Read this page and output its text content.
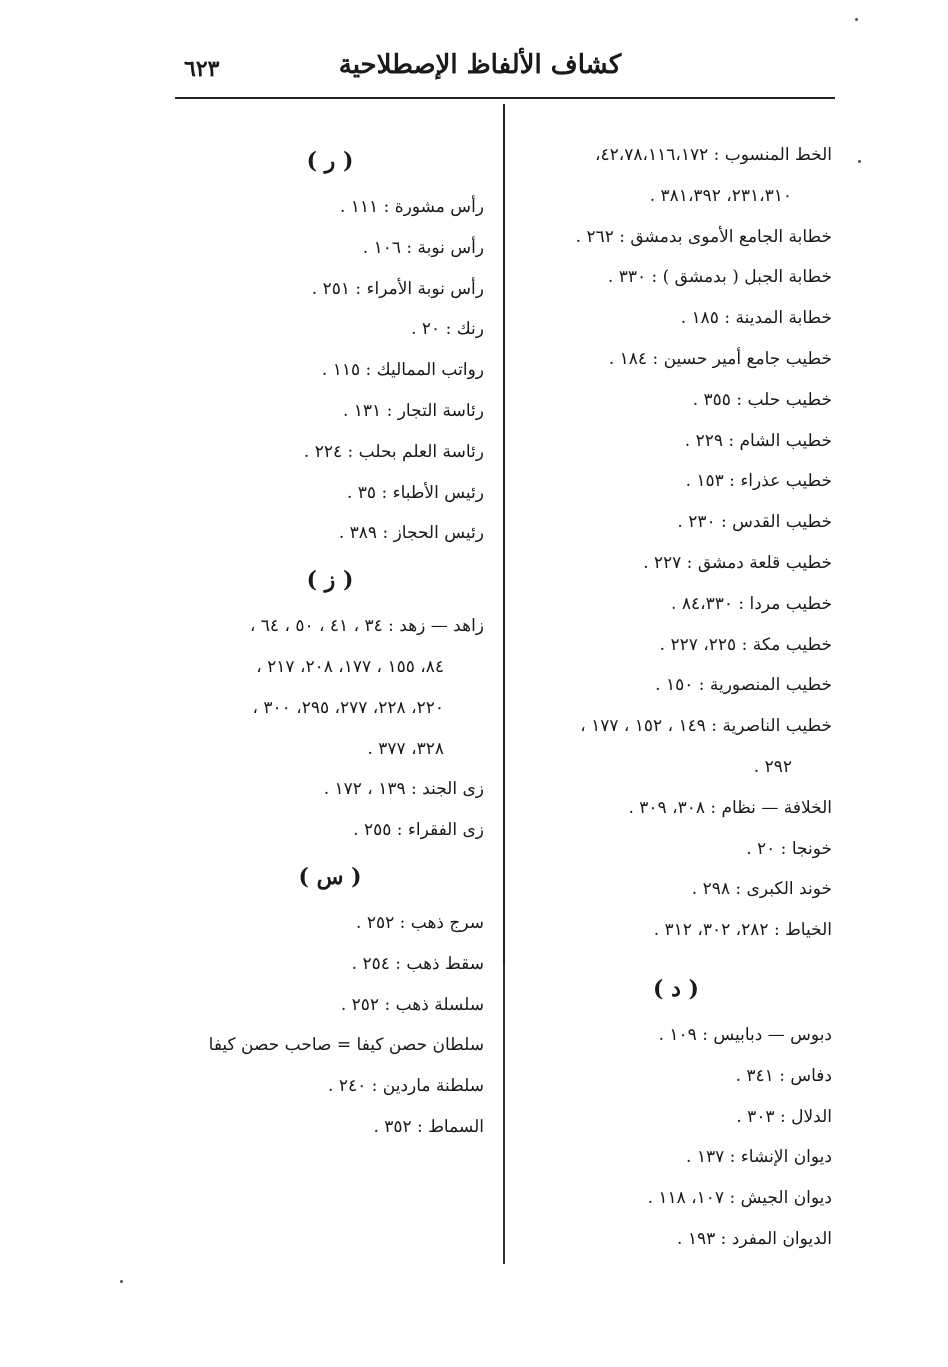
كشاف الألفاظ الإصطلاحية
٦٢٣
الخط المنسوب : ٤٢،٧٨،١١٦،١٧٢،
٢٣١،٣١٠، ٣٨١،٣٩٢ .
خطابة الجامع الأموى بدمشق : ٢٦٢ .
خطابة الجبل ( بدمشق ) : ٣٣٠ .
خطابة المدينة : ١٨٥ .
خطيب جامع أمير حسين : ١٨٤ .
خطيب حلب : ٣٥٥ .
خطيب الشام : ٢٢٩ .
خطيب عذراء : ١٥٣ .
خطيب القدس : ٢٣٠ .
خطيب قلعة دمشق : ٢٢٧ .
خطيب مردا : ٨٤،٣٣٠ .
خطيب مكة : ٢٢٥، ٢٢٧ .
خطيب المنصورية : ١٥٠ .
خطيب الناصرية : ١٤٩ ، ١٥٢ ، ١٧٧ ،
٢٩٢ .
الخلافة — نظام : ٣٠٨، ٣٠٩ .
خونجا : ٢٠ .
خوند الكبرى : ٢٩٨ .
الخياط : ٢٨٢، ٣٠٢، ٣١٢ .
( د )
دبوس — دبابيس : ١٠٩ .
دفاس : ٣٤١ .
الدلال : ٣٠٣ .
ديوان الإنشاء : ١٣٧ .
ديوان الجيش : ١٠٧، ١١٨ .
الديوان المفرد : ١٩٣ .
( ر )
رأس مشورة : ١١١ .
رأس نوبة : ١٠٦ .
رأس نوبة الأمراء : ٢٥١ .
رنك : ٢٠ .
رواتب المماليك : ١١٥ .
رئاسة التجار : ١٣١ .
رئاسة العلم بحلب : ٢٢٤ .
رئيس الأطباء : ٣٥ .
رئيس الحجاز : ٣٨٩ .
( ز )
زاهد — زهد : ٣٤ ، ٤١ ، ٥٠ ، ٦٤ ،
٨٤، ١٥٥ ، ١٧٧، ٢٠٨، ٢١٧ ،
٢٢٠، ٢٢٨، ٢٧٧، ٢٩٥، ٣٠٠ ،
٣٢٨، ٣٧٧ .
زى الجند : ١٣٩ ، ١٧٢ .
زى الفقراء : ٢٥٥ .
( س )
سرج ذهب : ٢٥٢ .
سقط ذهب : ٢٥٤ .
سلسلة ذهب : ٢٥٢ .
سلطان حصن كيفا = صاحب حصن كيفا
سلطنة ماردين : ٢٤٠ .
السماط : ٣٥٢ .
